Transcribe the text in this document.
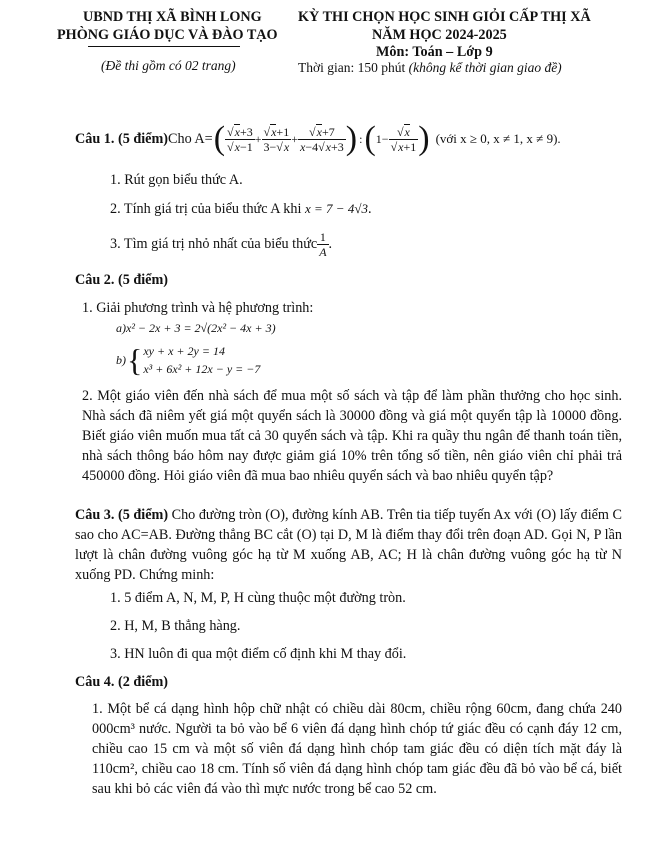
UBND THỊ XÃ BÌNH LONG
PHÒNG GIÁO DỤC VÀ ĐÀO TẠO
(Đề thi gồm có 02 trang)
KỲ THI CHỌN HỌC SINH GIỎI CẤP THỊ XÃ
NĂM HỌC 2024-2025
Môn: Toán – Lớp 9
Thời gian: 150 phút (không kể thời gian giao đề)
Câu 1. (5 điểm) Cho A= ( $\frac{√x+3}{√x-1} + \frac{√x+1}{3-√x} + \frac{√x+7}{x-4√x+3}$ ) : ( $1- \frac{√x}{√x+1}$ ) (với x ≥ 0, x ≠ 1, x ≠ 9).
1. Rút gọn biểu thức A.
2. Tính giá trị của biểu thức A khi x = 7 − 4√3.
3. Tìm giá trị nhỏ nhất của biểu thức $\frac{1}{A}$ .
Câu 2. (5 điểm)
1. Giải phương trình và hệ phương trình:
a)x² − 2x + 3 = 2√(2x² − 4x + 3)
b) { xy + x + 2y = 14
x³ + 6x² + 12x − y = −7
2. Một giáo viên đến nhà sách để mua một số sách và tập để làm phần thưởng cho học sinh. Nhà sách đã niêm yết giá một quyển sách là 30000 đồng và giá một quyển tập là 10000 đồng. Biết giáo viên muốn mua tất cả 30 quyển sách và tập. Khi ra quầy thu ngân để thanh toán tiền, nhà sách thông báo hôm nay được giảm giá 10% trên tổng số tiền, nên giáo viên chỉ phải trả 450000 đồng. Hỏi giáo viên đã mua bao nhiêu quyển sách và bao nhiêu quyển tập?
Câu 3. (5 điểm) Cho đường tròn (O), đường kính AB. Trên tia tiếp tuyến Ax với (O) lấy điểm C sao cho AC=AB. Đường thẳng BC cắt (O) tại D, M là điểm thay đổi trên đoạn AD. Gọi N, P lần lượt là chân đường vuông góc hạ từ M xuống AB, AC; H là chân đường vuông góc hạ từ N xuống PD. Chứng minh:
1. 5 điểm A, N, M, P, H cùng thuộc một đường tròn.
2. H, M, B thẳng hàng.
3. HN luôn đi qua một điểm cố định khi M thay đổi.
Câu 4. (2 điểm)
1. Một bể cá dạng hình hộp chữ nhật có chiều dài 80cm, chiều rộng 60cm, đang chứa 240 000cm³ nước. Người ta bỏ vào bể 6 viên đá dạng hình chóp tứ giác đều có cạnh đáy 12 cm, chiều cao 15 cm và một số viên đá dạng hình chóp tam giác đều có diện tích mặt đáy là 110cm², chiều cao 18 cm. Tính số viên đá dạng hình chóp tam giác đều đã bỏ vào bể cá, biết sau khi bỏ các viên đá vào thì mực nước trong bể cao 52 cm.
